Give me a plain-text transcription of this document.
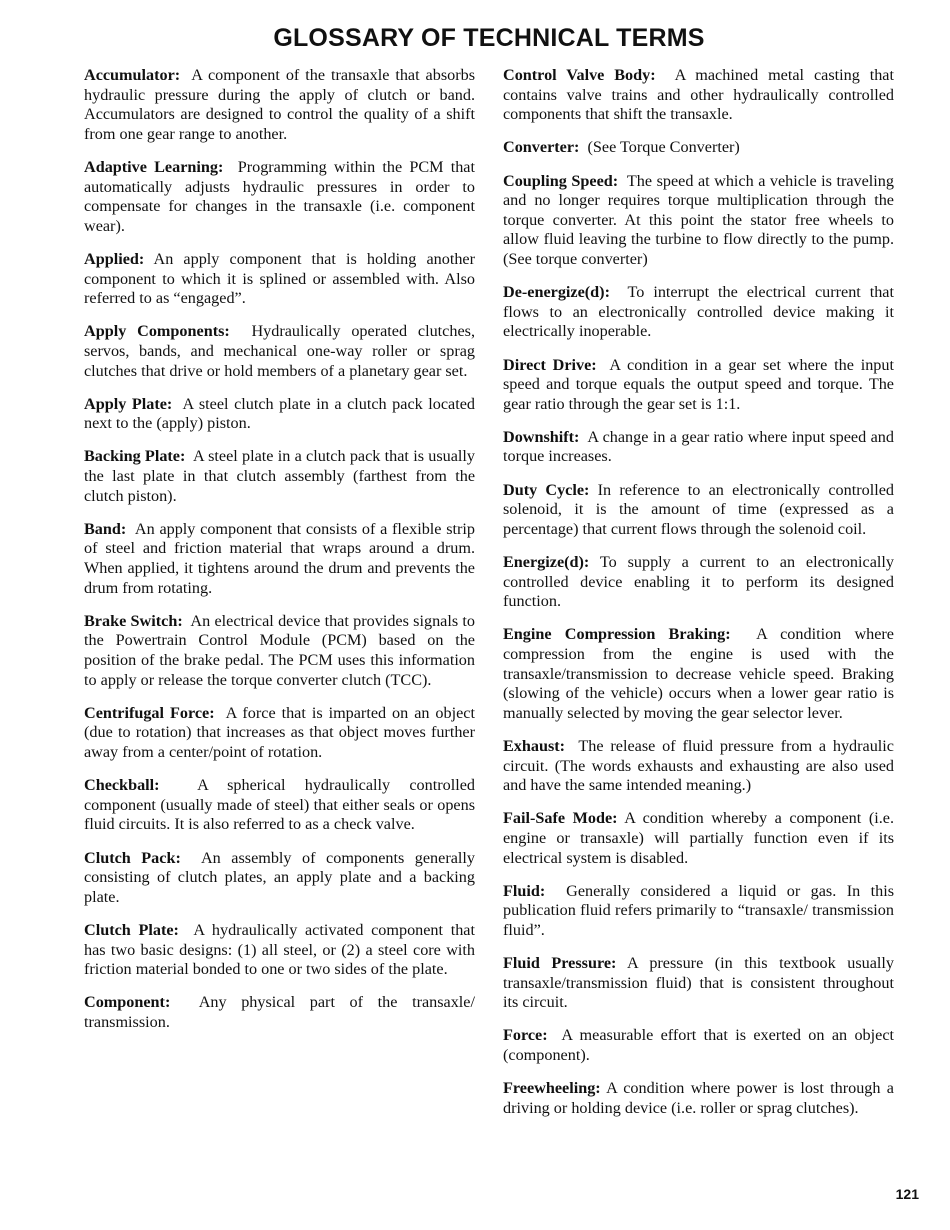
GLOSSARY OF TECHNICAL TERMS

Accumulator: A component of the transaxle that absorbs hydraulic pressure during the apply of clutch or band. Accumulators are designed to control the quality of a shift from one gear range to another.

Adaptive Learning: Programming within the PCM that automatically adjusts hydraulic pressures in order to compensate for changes in the transaxle (i.e. component wear).

Applied: An apply component that is holding another component to which it is splined or assembled with. Also referred to as “engaged”.

Apply Components: Hydraulically operated clutches, servos, bands, and mechanical one-way roller or sprag clutches that drive or hold members of a planetary gear set.

Apply Plate: A steel clutch plate in a clutch pack located next to the (apply) piston.

Backing Plate: A steel plate in a clutch pack that is usually the last plate in that clutch assembly (farthest from the clutch piston).

Band: An apply component that consists of a flexible strip of steel and friction material that wraps around a drum. When applied, it tightens around the drum and prevents the drum from rotating.

Brake Switch: An electrical device that provides signals to the Powertrain Control Module (PCM) based on the position of the brake pedal. The PCM uses this information to apply or release the torque converter clutch (TCC).

Centrifugal Force: A force that is imparted on an object (due to rotation) that increases as that object moves further away from a center/point of rotation.

Checkball: A spherical hydraulically controlled component (usually made of steel) that either seals or opens fluid circuits. It is also referred to as a check valve.

Clutch Pack: An assembly of components generally consisting of clutch plates, an apply plate and a backing plate.

Clutch Plate: A hydraulically activated component that has two basic designs: (1) all steel, or (2) a steel core with friction material bonded to one or two sides of the plate.

Component: Any physical part of the transaxle/ transmission.

Control Valve Body: A machined metal casting that contains valve trains and other hydraulically controlled components that shift the transaxle.

Converter: (See Torque Converter)

Coupling Speed: The speed at which a vehicle is traveling and no longer requires torque multiplication through the torque converter. At this point the stator free wheels to allow fluid leaving the turbine to flow directly to the pump. (See torque converter)

De-energize(d): To interrupt the electrical current that flows to an electronically controlled device making it electrically inoperable.

Direct Drive: A condition in a gear set where the input speed and torque equals the output speed and torque. The gear ratio through the gear set is 1:1.

Downshift: A change in a gear ratio where input speed and torque increases.

Duty Cycle: In reference to an electronically controlled solenoid, it is the amount of time (expressed as a percentage) that current flows through the solenoid coil.

Energize(d): To supply a current to an electronically controlled device enabling it to perform its designed function.

Engine Compression Braking: A condition where compression from the engine is used with the transaxle/transmission to decrease vehicle speed. Braking (slowing of the vehicle) occurs when a lower gear ratio is manually selected by moving the gear selector lever.

Exhaust: The release of fluid pressure from a hydraulic circuit. (The words exhausts and exhausting are also used and have the same intended meaning.)

Fail-Safe Mode: A condition whereby a component (i.e. engine or transaxle) will partially function even if its electrical system is disabled.

Fluid: Generally considered a liquid or gas. In this publication fluid refers primarily to “transaxle/ transmission fluid”.

Fluid Pressure: A pressure (in this textbook usually transaxle/transmission fluid) that is consistent throughout its circuit.

Force: A measurable effort that is exerted on an object (component).

Freewheeling: A condition where power is lost through a driving or holding device (i.e. roller or sprag clutches).

121
